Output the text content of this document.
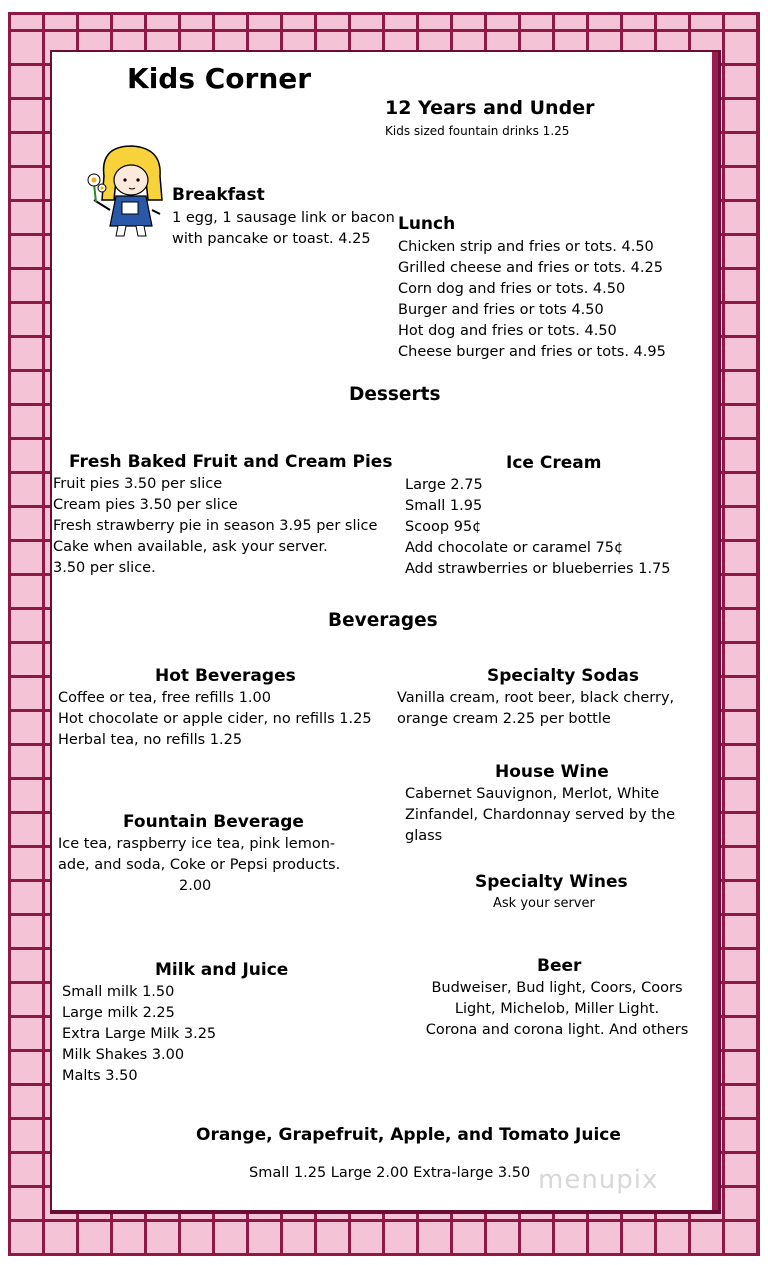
Kids Corner
12 Years and Under
Kids sized fountain drinks 1.25
Breakfast
1 egg, 1 sausage link or bacon
with pancake or toast. 4.25
Lunch
Chicken strip and fries or tots. 4.50
Grilled cheese and fries or tots. 4.25
Corn dog and fries or tots. 4.50
Burger and fries or tots 4.50
Hot dog and fries or tots. 4.50
Cheese burger and fries or tots. 4.95
Desserts
Fresh Baked Fruit and Cream Pies
Fruit pies 3.50 per slice
Cream pies 3.50 per slice
Fresh strawberry pie in season 3.95 per slice
Cake when available, ask your server.
3.50 per slice.
Ice Cream
Large 2.75
Small 1.95
Scoop 95¢
Add chocolate or caramel 75¢
Add strawberries or blueberries 1.75
Beverages
Hot Beverages
Coffee or tea, free refills 1.00
Hot chocolate or apple cider, no refills 1.25
Herbal tea, no refills 1.25
Specialty Sodas
Vanilla cream, root beer, black cherry,
orange cream 2.25 per bottle
House Wine
Cabernet Sauvignon, Merlot, White
Zinfandel, Chardonnay served by the
glass
Fountain Beverage
Ice tea, raspberry ice tea, pink lemon-
ade, and soda, Coke or Pepsi products.
2.00	Specialty Wines
Ask your server
Milk and Juice
Small milk 1.50
Large milk 2.25
Extra Large Milk 3.25
Milk Shakes 3.00
Malts 3.50
Beer
Budweiser, Bud light, Coors, Coors
Light, Michelob, Miller Light.
Corona and corona light. And others
Orange, Grapefruit, Apple, and Tomato Juice
Small 1.25 Large 2.00 Extra-large 3.50 menupix
